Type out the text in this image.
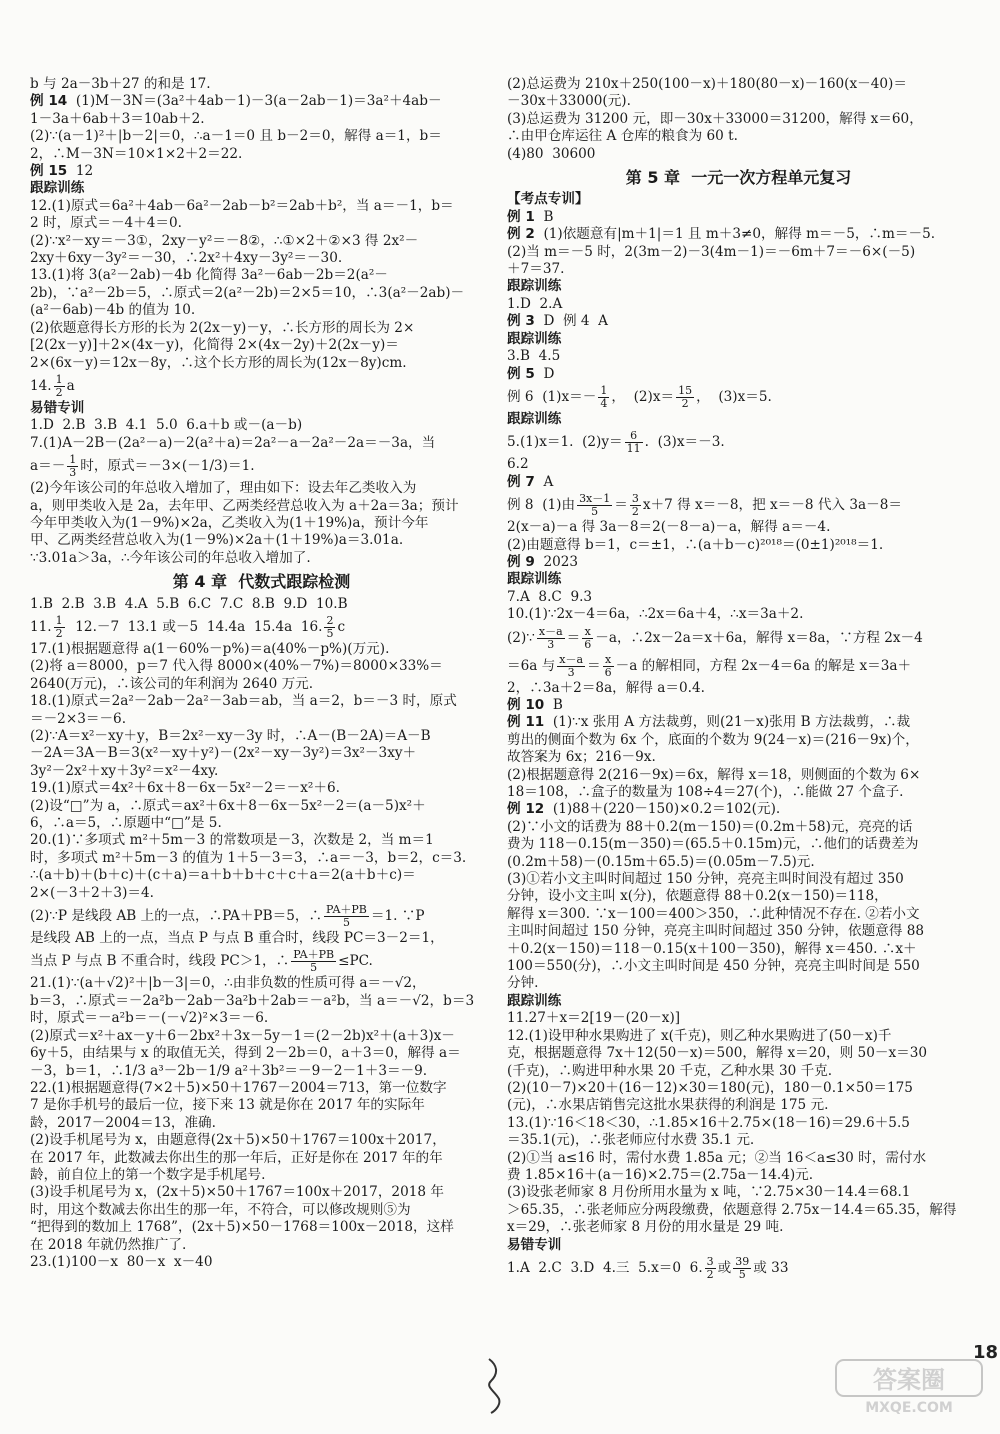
b 与 2a－3b＋27 的和是 17.
例 14  (1)M－3N＝(3a²＋4ab－1)－3(a－2ab－1)＝3a²＋4ab－
1－3a＋6ab＋3＝10ab＋2.
(2)∵(a－1)²＋|b－2|＝0，∴a－1＝0 且 b－2＝0，解得 a＝1，b＝
2，∴M－3N＝10×1×2＋2＝22.
例 15  12
跟踪训练
12.(1)原式＝6a²＋4ab－6a²－2ab－b²＝2ab＋b²，当 a＝－1，b＝
2 时，原式＝－4＋4＝0.
(2)∵x²－xy＝－3①，2xy－y²＝－8②，∴①×2＋②×3 得 2x²－
2xy＋6xy－3y²＝－30，∴2x²＋4xy－3y²＝－30.
13.(1)将 3(a²－2ab)－4b 化简得 3a²－6ab－2b＝2(a²－
2b)，∵a²－2b＝5，∴原式＝2(a²－2b)＝2×5＝10，∴3(a²－2ab)－
(a²－6ab)－4b 的值为 10.
(2)依题意得长方形的长为 2(2x－y)－y，∴长方形的周长为 2×
[2(2x－y)]＋2×(4x－y)，化简得 2×(4x－2y)＋2(2x－y)＝
2×(6x－y)＝12x－8y，∴这个长方形的周长为(12x－8y)cm.
14. $\frac{1}{2}$ a
易错专训
1.D  2.B  3.B  4.1  5.0  6.a＋b 或－(a－b)
7.(1)A－2B－(2a²－a)－2(a²＋a)＝2a²－a－2a²－2a＝－3a，当
$a=- \frac{1}{3}$ 时，原式＝－3×(－1/3)＝1.
(2)今年该公司的年总收入增加了，理由如下：设去年乙类收入为
a，则甲类收入是 2a，去年甲、乙两类经营总收入为 a＋2a＝3a；预计
今年甲类收入为(1－9%)×2a，乙类收入为(1＋19%)a，预计今年
甲、乙两类经营总收入为(1－9%)×2a＋(1＋19%)a＝3.01a.
∵3.01a＞3a，∴今年该公司的年总收入增加了.
第 4 章  代数式跟踪检测
1.B  2.B  3.B  4.A  5.B  6.C  7.C  8.B  9.D  10.B
11. $\frac{1}{2} 12.-7$  13.1 或－5  14.4a  15.4a  16. $\frac{2}{5}$ c
17.(1)根据题意得 a(1－60%－p%)＝a(40%－p%)(万元).
(2)将 a＝8000，p＝7 代入得 8000×(40%－7%)＝8000×33%＝
2640(万元)，∴该公司的年利润为 2640 万元.
18.(1)原式＝2a²－2ab－2a²－3ab＝ab，当 a＝2，b＝－3 时，原式
＝－2×3＝－6.
(2)∵A＝x²－xy＋y，B＝2x²－xy－3y 时，∴A－(B－2A)＝A－B
－2A＝3A－B＝3(x²－xy＋y²)－(2x²－xy－3y²)＝3x²－3xy＋
3y²－2x²＋xy＋3y²＝x²－4xy.
19.(1)原式＝4x²＋6x＋8－6x－5x²－2＝－x²＋6.
(2)设“□”为 a，∴原式＝ax²＋6x＋8－6x－5x²－2＝(a－5)x²＋
6，∴a＝5，∴原题中“□”是 5.
20.(1)∵多项式 m²＋5m－3 的常数项是－3，次数是 2，当 m＝1
时，多项式 m²＋5m－3 的值为 1＋5－3＝3，∴a＝－3，b＝2，c＝3.
∴(a＋b)＋(b＋c)＋(c＋a)＝a＋b＋b＋c＋c＋a＝2(a＋b＋c)＝
2×(－3＋2＋3)＝4.
(2)∵P 是线段 AB 上的一点，∴PA＋PB＝5，∴ $\frac{PA+PB}{5} =1$. ∵P
是线段 AB 上的一点，当点 P 与点 B 重合时，线段 PC＝3－2＝1，
当点 P 与点 B 不重合时，线段 PC＞1，∴ $\frac{PA+PB}{5} \le PC$.
21.(1)∵(a＋√2)²＋|b－3|＝0，∴由非负数的性质可得 a＝－√2，
b＝3，∴原式＝－2a²b－2ab－3a²b＋2ab＝－a²b，当 a＝－√2，b＝3
时，原式＝－a²b＝－(－√2)²×3＝－6.
(2)原式＝x²＋ax－y＋6－2bx²＋3x－5y－1＝(2－2b)x²＋(a＋3)x－
6y＋5，由结果与 x 的取值无关，得到 2－2b＝0，a＋3＝0，解得 a＝
－3，b＝1，∴1/3 a³－2b－1/9 a²＋3b²＝－9－2－1＋3＝－9.
22.(1)根据题意得(7×2＋5)×50＋1767－2004＝713，第一位数字
7 是你手机号的最后一位，接下来 13 就是你在 2017 年的实际年
龄，2017－2004＝13，准确.
(2)设手机尾号为 x，由题意得(2x＋5)×50＋1767＝100x＋2017，
在 2017 年，此数减去你出生的那一年后，正好是你在 2017 年的年
龄，前自位上的第一个数字是手机尾号.
(3)设手机尾号为 x，(2x＋5)×50＋1767＝100x＋2017，2018 年
时，用这个数减去你出生的那一年，不符合，可以修改规则⑤为
“把得到的数加上 1768”，(2x＋5)×50－1768＝100x－2018，这样
在 2018 年就仍然推广了.
23.(1)100－x  80－x  x－40
(2)总运费为 210x＋250(100－x)＋180(80－x)－160(x－40)＝
－30x＋33000(元).
(3)总运费为 31200 元，即－30x＋33000＝31200，解得 x＝60，
∴由甲仓库运往 A 仓库的粮食为 60 t.
(4)80  30600
第 5 章  一元一次方程单元复习
【考点专训】
例 1  B
例 2  (1)依题意有|m＋1|＝1 且 m＋3≠0，解得 m＝－5，∴m＝－5.
(2)当 m＝－5 时，2(3m－2)－3(4m－1)＝－6m＋7＝－6×(－5)
＋7＝37.
跟踪训练
1.D  2.A
例 3  D  例 4  A
跟踪训练
3.B  4.5
例 5  D
例 6  $(1)x=- \frac{1}{4}$ ，  $(2)x= \frac{15}{2}$ ，  (3)x＝5.
跟踪训练
5.(1)x＝1.  $(2)y= \frac{6}{11}$ .  (3)x＝－3.
6.2
例 7  A
例 8  (1)由 $\frac{3x-1}{5} = \frac{3}{2} x+7$ 得 x＝－8，把 x＝－8 代入 3a－8＝
2(x－a)－a 得 3a－8＝2(－8－a)－a，解得 a＝－4.
(2)由题意得 b＝1，c＝±1，∴(a＋b－c)²⁰¹⁸＝(0±1)²⁰¹⁸＝1.
例 9  2023
跟踪训练
7.A  8.C  9.3
10.(1)∵2x－4＝6a，∴2x＝6a＋4，∴x＝3a＋2.
(2)∵ $\frac{x-a}{3} = \frac{x}{6} -a$，∴2x－2a＝x＋6a，解得 x＝8a，∵方程 2x－4
＝6a 与 $\frac{x-a}{3} = \frac{x}{6} -a$ 的解相同，方程 2x－4＝6a 的解是 x＝3a＋
2，∴3a＋2＝8a，解得 a＝0.4.
例 10  B
例 11  (1)∵x 张用 A 方法裁剪，则(21－x)张用 B 方法裁剪，∴裁
剪出的侧面个数为 6x 个，底面的个数为 9(24－x)＝(216－9x)个，
故答案为 6x；216－9x.
(2)根据题意得 2(216－9x)＝6x，解得 x＝18，则侧面的个数为 6×
18＝108，∴盒子的数量为 108÷4＝27(个)，∴能做 27 个盒子.
例 12  (1)88＋(220－150)×0.2＝102(元).
(2)∵小文的话费为 88＋0.2(m－150)＝(0.2m＋58)元，亮亮的话
费为 118－0.15(m－350)＝(65.5＋0.15m)元，∴他们的话费差为
(0.2m＋58)－(0.15m＋65.5)＝(0.05m－7.5)元.
(3)①若小文主叫时间超过 150 分钟，亮亮主叫时间没有超过 350
分钟，设小文主叫 x(分)，依题意得 88＋0.2(x－150)＝118，
解得 x＝300. ∵x－100＝400＞350，∴此种情况不存在. ②若小文
主叫时间超过 150 分钟，亮亮主叫时间超过 350 分钟，依题意得 88
＋0.2(x－150)＝118－0.15(x＋100－350)，解得 x＝450. ∴x＋
100＝550(分)，∴小文主叫时间是 450 分钟，亮亮主叫时间是 550
分钟.
跟踪训练
11.27＋x＝2[19－(20－x)]
12.(1)设甲种水果购进了 x(千克)，则乙种水果购进了(50－x)千
克，根据题意得 7x＋12(50－x)＝500，解得 x＝20，则 50－x＝30
(千克)，∴购进甲种水果 20 千克，乙种水果 30 千克.
(2)(10－7)×20＋(16－12)×30＝180(元)，180－0.1×50＝175
(元)，∴水果店销售完这批水果获得的利润是 175 元.
13.(1)∵16＜18＜30，∴1.85×16＋2.75×(18－16)＝29.6＋5.5
＝35.1(元)，∴张老师应付水费 35.1 元.
(2)①当 a≤16 时，需付水费 1.85a 元；②当 16＜a≤30 时，需付水
费 1.85×16＋(a－16)×2.75＝(2.75a－14.4)元.
(3)设张老师家 8 月份所用水量为 x 吨，∵2.75×30－14.4＝68.1
＞65.35，∴张老师应分两段缴费，依题意得 2.75x－14.4＝65.35，解得
x＝29，∴张老师家 8 月份的用水量是 29 吨.
易错专训
1.A  2.C  3.D  4.三  5.x＝0  6. $\frac{3}{2}$ 或 $\frac{39}{5}$ 或 33
18
答案圈
MXQE.COM
